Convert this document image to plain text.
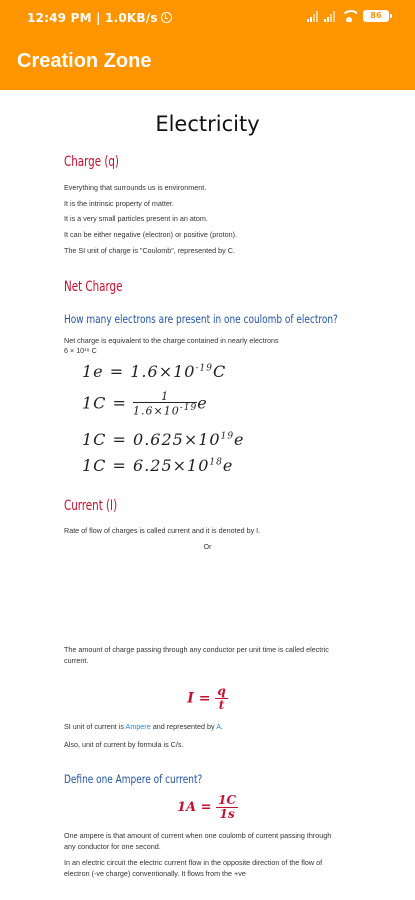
12:49 PM | 1.0KB/s	86
Creation Zone
Electricity
Charge (q)
Everything that surrounds us is environment.
It is the intrinsic property of matter.
It is a very small particles present in an atom.
It can be either negative (electron) or positive (proton).
The SI unit of charge is "Coulomb", represented by C.
Net Charge
How many electrons are present in one coulomb of electron?
Net charge is equivalent to the charge contained in nearly electrons
6 × 10¹⁸ C
$1e = 1.6\times 10^{-19}C$
$1C = \frac{1}{1.6\times 10^{-19}}$ e
$1C = 0.625\times 10^{19}e$
$1C = 6.25\times 10^{18}e$
Current (I)
Rate of flow of charges is called current and it is denoted by I.
Or
The amount of charge passing through any conductor per unit time is called electric current.
$I = \frac{q}{t}$
SI unit of current is Ampere and represented by A.
Also, unit of current by formula is C/s.
Define one Ampere of current?
$1A = \frac{1C}{1s}$
One ampere is that amount of current when one coulomb of current passing through any conductor for one second.
In an electric circuit the electric current flow in the opposite direction of the flow of electron (-ve charge) conventionally. It flows from the +ve
